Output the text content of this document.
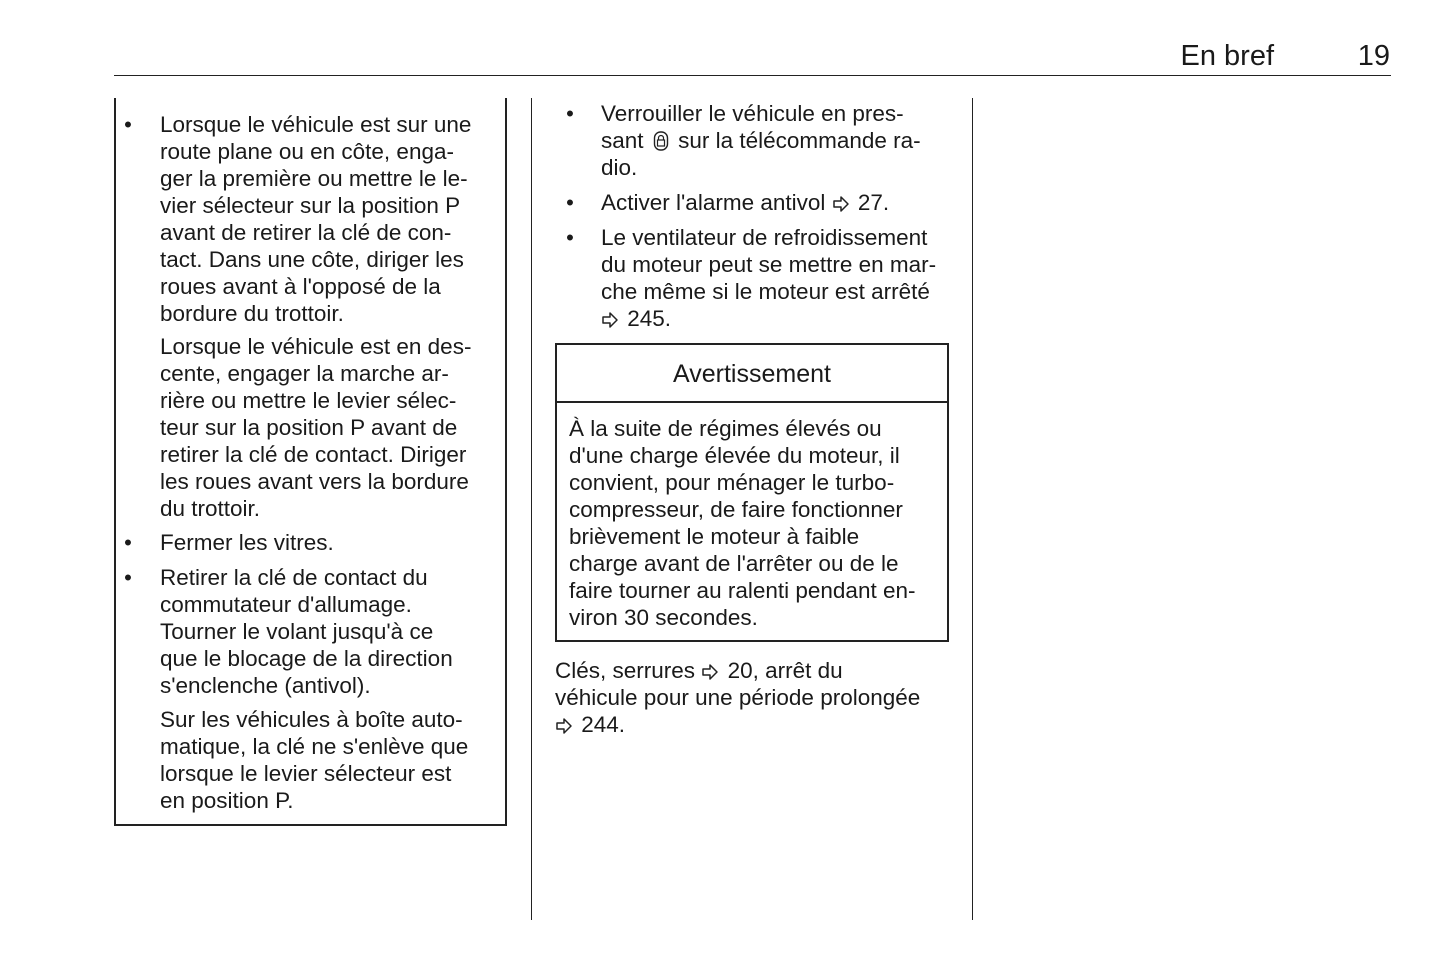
En bref	19
• Lorsque le véhicule est sur une
route plane ou en côte, enga-
ger la première ou mettre le le-
vier sélecteur sur la position P
avant de retirer la clé de con-
tact. Dans une côte, diriger les
roues avant à l'opposé de la
bordure du trottoir.
Lorsque le véhicule est en des-
cente, engager la marche ar-
rière ou mettre le levier sélec-
teur sur la position P avant de
retirer la clé de contact. Diriger
les roues avant vers la bordure
du trottoir.
• Fermer les vitres.
• Retirer la clé de contact du
commutateur d'allumage.
Tourner le volant jusqu'à ce
que le blocage de la direction
s'enclenche (antivol).
Sur les véhicules à boîte auto-
matique, la clé ne s'enlève que
lorsque le levier sélecteur est
en position P.
• Verrouiller le véhicule en pres-
sant sur la télécommande ra-
dio.
• Activer l'alarme antivol 27.
• Le ventilateur de refroidissement
du moteur peut se mettre en mar-
che même si le moteur est arrêté
245.
Avertissement
À la suite de régimes élevés ou
d'une charge élevée du moteur, il
convient, pour ménager le turbo-
compresseur, de faire fonctionner
brièvement le moteur à faible
charge avant de l'arrêter ou de le
faire tourner au ralenti pendant en-
viron 30 secondes.
Clés, serrures 20, arrêt du
véhicule pour une période prolongée
244.
